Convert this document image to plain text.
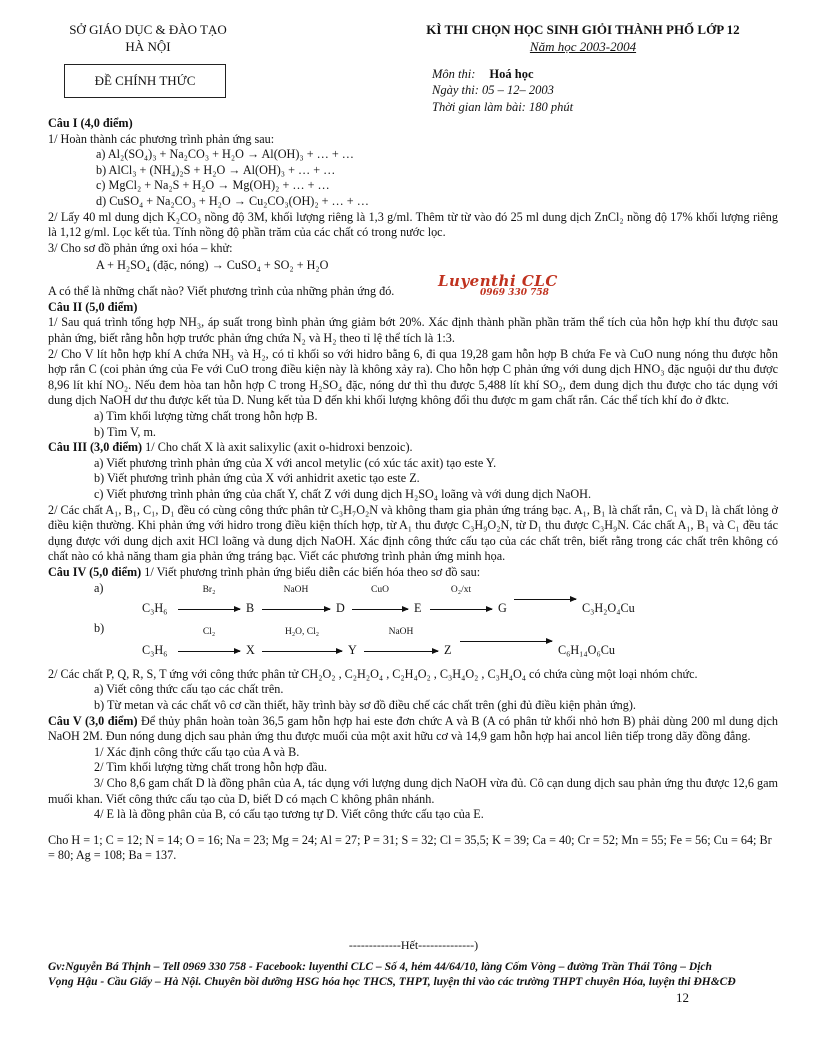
SỞ GIÁO DỤC & ĐÀO TẠO
HÀ NỘI
KÌ THI CHỌN HỌC SINH GIỎI THÀNH PHỐ LỚP 12
Năm học 2003-2004
ĐỀ CHÍNH THỨC	Môn thi: Hoá học
Ngày thi: 05 – 12– 2003
Thời gian làm bài: 180 phút
Luyenthi CLC
0969 330 758

Câu I (4,0 điểm)

1/ Hoàn thành các phương trình phản ứng sau:

a) Al₂(SO₄)₃ + Na₂CO₃ + H₂O → Al(OH)₃ + … + …

b) AlCl₃ + (NH₄)₂S + H₂O → Al(OH)₃ + … + …

c) MgCl₂ + Na₂S + H₂O → Mg(OH)₂ + … + …

d) CuSO₄ + Na₂CO₃ + H₂O → Cu₂CO₃(OH)₂ + … + …

2/ Lấy 40 ml dung dịch K₂CO₃ nồng độ 3M, khối lượng riêng là 1,3 g/ml. Thêm từ từ vào đó 25 ml dung dịch ZnCl₂ nồng độ 17% khối lượng riêng là 1,12 g/ml. Lọc kết tủa. Tính nồng độ phần trăm của các chất có trong nước lọc.

3/ Cho sơ đồ phản ứng oxi hóa – khử:

A + H₂SO₄ (đặc, nóng) → CuSO₄ + SO₂ + H₂O

A có thể là những chất nào? Viết phương trình của những phản ứng đó.

Câu II (5,0 điểm)

1/ Sau quá trình tổng hợp NH₃, áp suất trong bình phản ứng giảm bớt 20%. Xác định thành phần phần trăm thể tích của hỗn hợp khí thu được sau phản ứng, biết rằng hỗn hợp trước phản ứng chứa N₂ và H₂ theo tỉ lệ thể tích là 1:3.

2/ Cho V lít hỗn hợp khí A chứa NH₃ và H₂, có tỉ khối so với hidro bằng 6, đi qua 19,28 gam hỗn hợp B chứa Fe và CuO nung nóng thu được hỗn hợp rắn C (coi phản ứng của Fe với CuO trong điều kiện này là không xảy ra). Cho hỗn hợp C phản ứng với dung dịch HNO₃ đặc nguội dư thu được 8,96 lít khí NO₂. Nếu đem hòa tan hỗn hợp C trong H₂SO₄ đặc, nóng dư thì thu được 5,488 lít khí SO₂, đem dung dịch thu được cho tác dụng với dung dịch NaOH dư thu được kết tủa D. Nung kết tủa D đến khi khối lượng không đổi thu được m gam chất rắn. Các thể tích khí đo ở đktc.

a) Tìm khối lượng từng chất trong hỗn hợp B.

b) Tìm V, m.

Câu III (3,0 điểm) 1/ Cho chất X là axit salixylic (axit o-hidroxi benzoic).

a) Viết phương trình phản ứng của X với ancol metylic (có xúc tác axit) tạo este Y.

b) Viết phương trình phản ứng của X với anhidrit axetic tạo este Z.

c) Viết phương trình phản ứng của chất Y, chất Z với dung dịch H₂SO₄ loãng và với dung dịch NaOH.

2/ Các chất A₁, B₁, C₁, D₁ đều có cùng công thức phân tử C₃H₇O₂N và không tham gia phản ứng tráng bạc. A₁, B₁ là chất rắn, C₁ và D₁ là chất lỏng ở điều kiện thường. Khi phản ứng với hidro trong điều kiện thích hợp, từ A₁ thu được C₃H₉O₂N, từ D₁ thu được C₃H₉N. Các chất A₁, B₁ và C₁ đều tác dụng được với dung dịch axit HCl loãng và dung dịch NaOH. Xác định công thức cấu tạo của các chất trên, biết rằng trong các chất trên không có chất nào có khả năng tham gia phản ứng tráng bạc. Viết các phương trình phản ứng minh họa.

Câu IV (5,0 điểm) 1/ Viết phương trình phản ứng biểu diễn các biến hóa theo sơ đồ sau:

a)
C₃H₆
Br₂
B
NaOH
D
CuO
E
O₂/xt
G	C₃H₂O₄Cu
b)
C₃H₆
Cl₂
X
H₂O, Cl₂
Y
NaOH
Z	C₆H₁₄O₆Cu

2/ Các chất P, Q, R, S, T ứng với công thức phân tử CH₂O₂ , C₂H₂O₄ , C₂H₄O₂ , C₃H₄O₂ , C₃H₄O₄ có chứa cùng một loại nhóm chức.

a) Viết công thức cấu tạo các chất trên.

b) Từ metan và các chất vô cơ cần thiết, hãy trình bày sơ đồ điều chế các chất trên (ghi đủ điều kiện phản ứng).

Câu V (3,0 điểm) Để thủy phân hoàn toàn 36,5 gam hỗn hợp hai este đơn chức A và B (A có phân tử khối nhỏ hơn B) phải dùng 200 ml dung dịch NaOH 2M. Đun nóng dung dịch sau phản ứng thu được muối của một axit hữu cơ và 14,9 gam hỗn hợp hai ancol liên tiếp trong dãy đồng đẳng.

1/ Xác định công thức cấu tạo của A và B.

2/ Tìm khối lượng từng chất trong hỗn hợp đầu.

3/ Cho 8,6 gam chất D là đồng phân của A, tác dụng với lượng dung dịch NaOH vừa đủ. Cô cạn dung dịch sau phản ứng thu được 12,6 gam muối khan. Viết công thức cấu tạo của D, biết D có mạch C không phân nhánh.

4/ E là là đồng phân của B, có cấu tạo tương tự D. Viết công thức cấu tạo của E.

Cho H = 1; C = 12; N = 14; O = 16; Na = 23; Mg = 24; Al = 27; P = 31; S = 32; Cl = 35,5; K = 39; Ca = 40; Cr = 52; Mn = 55; Fe = 56; Cu = 64; Br = 80; Ag = 108; Ba = 137.

-------------Hết--------------)
Gv:Nguyễn Bá Thịnh – Tell 0969 330 758 - Facebook: luyenthi CLC – Số 4, hẻm 44/64/10, làng Cốm Vòng – đường Trần Thái Tông – Dịch Vọng Hậu - Cầu Giấy – Hà Nội. Chuyên bồi dưỡng HSG hóa học THCS, THPT, luyện thi vào các trường THPT chuyên Hóa, luyện thi ĐH&CĐ
12
